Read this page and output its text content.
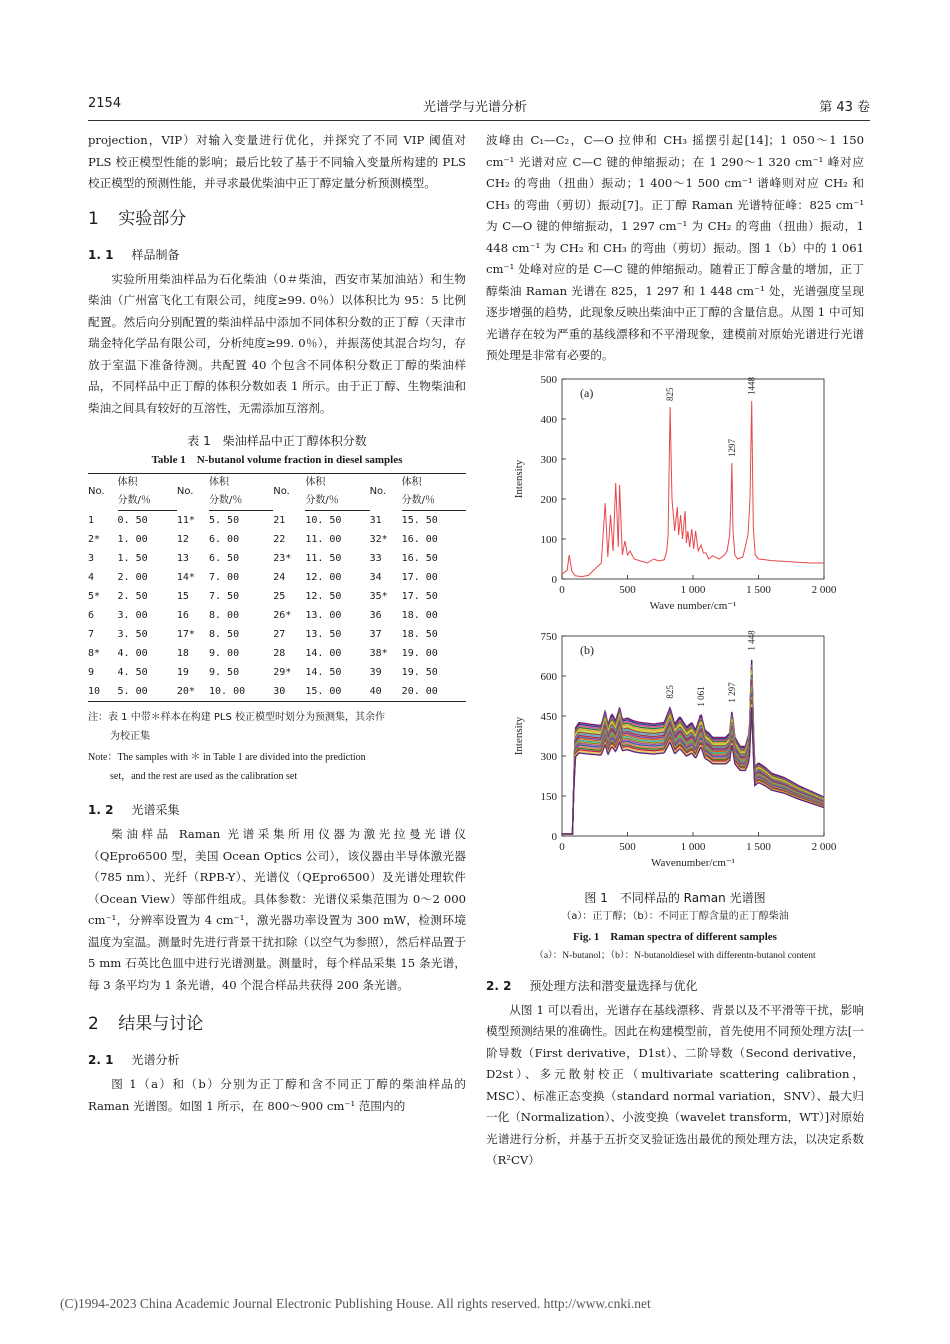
2154	光谱学与光谱分析	第 43 卷

projection，VIP）对输入变量进行优化，并探究了不同 VIP 阈值对 PLS 校正模型性能的影响；最后比较了基于不同输入变量所构建的 PLS 校正模型的预测性能，并寻求最优柴油中正丁醇定量分析预测模型。

1 实验部分
1. 1 样品制备

实验所用柴油样品为石化柴油（0＃柴油，西安市某加油站）和生物柴油（广州富飞化工有限公司，纯度≥99. 0％）以体积比为 95：5 比例配置。然后向分别配置的柴油样品中添加不同体积分数的正丁醇（天津市瑞金特化学品有限公司，分析纯度≥99. 0％），并振荡使其混合均匀，存放于室温下准备待测。共配置 40 个包含不同体积分数正丁醇的柴油样品，不同样品中正丁醇的体积分数如表 1 所示。由于正丁醇、生物柴油和柴油之间具有较好的互溶性，无需添加互溶剂。

表 1　柴油样品中正丁醇体积分数
Table 1　N-butanol volume fraction in diesel samples
No.	体积	No.	体积	No.	体积	No.	体积
	分数/％		分数/％		分数/％		分数/％
1	0. 50	11*	5. 50	21	10. 50	31	15. 50
2*	1. 00	12	6. 00	22	11. 00	32*	16. 00
3	1. 50	13	6. 50	23*	11. 50	33	16. 50
4	2. 00	14*	7. 00	24	12. 00	34	17. 00
5*	2. 50	15	7. 50	25	12. 50	35*	17. 50
6	3. 00	16	8. 00	26*	13. 00	36	18. 00
7	3. 50	17*	8. 50	27	13. 50	37	18. 50
8*	4. 00	18	9. 00	28	14. 00	38*	19. 00
9	4. 50	19	9. 50	29*	14. 50	39	19. 50
10	5. 00	20*	10. 00	30	15. 00	40	20. 00
注：表 1 中带＊样本在构建 PLS 校正模型时划分为预测集，其余作
为校正集
Note：The samples with ＊ in Table 1 are divided into the prediction
set，and the rest are used as the calibration set
1. 2 光谱采集

柴油样品 Raman 光谱采集所用仪器为激光拉曼光谱仪（QEpro6500 型，美国 Ocean Optics 公司），该仪器由半导体激光器（785 nm）、光纤（RPB-Y）、光谱仪（QEpro6500）及光谱处理软件（Ocean View）等部件组成。具体参数：光谱仪采集范围为 0～2 000 cm⁻¹，分辨率设置为 4 cm⁻¹，激光器功率设置为 300 mW，检测环境温度为室温。测量时先进行背景干扰扣除（以空气为参照），然后样品置于 5 mm 石英比色皿中进行光谱测量。测量时，每个样品采集 15 条光谱，每 3 条平均为 1 条光谱，40 个混合样品共获得 200 条光谱。

2 结果与讨论
2. 1 光谱分析

图 1（a）和（b）分别为正丁醇和含不同正丁醇的柴油样品的 Raman 光谱图。如图 1 所示，在 800～900 cm⁻¹ 范围内的

波峰由 C₁—C₂，C—O 拉伸和 CH₃ 摇摆引起[14]；1 050～1 150 cm⁻¹ 光谱对应 C—C 键的伸缩振动；在 1 290～1 320 cm⁻¹ 峰对应 CH₂ 的弯曲（扭曲）振动；1 400～1 500 cm⁻¹ 谱峰则对应 CH₂ 和 CH₃ 的弯曲（剪切）振动[7]。正丁醇 Raman 光谱特征峰：825 cm⁻¹ 为 C—O 键的伸缩振动，1 297 cm⁻¹ 为 CH₂ 的弯曲（扭曲）振动，1 448 cm⁻¹ 为 CH₂ 和 CH₃ 的弯曲（剪切）振动。图 1（b）中的 1 061 cm⁻¹ 处峰对应的是 C—C 键的伸缩振动。随着正丁醇含量的增加，正丁醇柴油 Raman 光谱在 825，1 297 和 1 448 cm⁻¹ 处，光谱强度呈现逐步增强的趋势，此现象反映出柴油中正丁醇的含量信息。从图 1 中可知光谱存在较为严重的基线漂移和不平滑现象，建模前对原始光谱进行光谱预处理是非常有必要的。

0	500	1 000	1 500	2 000
0
100
200
300
400
500
Wave number/cm⁻¹
Intensity
(a)	825
1297
1448

0	500	1 000	1 500	2 000
0
150
300
450
600
750
Wavenumber/cm⁻¹
Intensity
(b)
825 1 061 1 297
1 448
图 1　不同样品的 Raman 光谱图
（a）：正丁醇；（b）：不同正丁醇含量的正丁醇柴油
Fig. 1　Raman spectra of different samples
（a）：N-butanol；（b）：N-butanoldiesel with differentn-butanol content
2. 2 预处理方法和潜变量选择与优化

从图 1 可以看出，光谱存在基线漂移、背景以及不平滑等干扰，影响模型预测结果的准确性。因此在构建模型前，首先使用不同预处理方法[一阶导数（First derivative，D1st）、二阶导数（Second derivative，D2st）、多元散射校正（multivariate scattering calibration，MSC）、标准正态变换（standard normal variation，SNV）、最大归一化（Normalization）、小波变换（wavelet transform，WT）]对原始光谱进行分析，并基于五折交叉验证选出最优的预处理方法，以决定系数（R²CV）

(C)1994-2023 China Academic Journal Electronic Publishing House. All rights reserved. http://www.cnki.net
